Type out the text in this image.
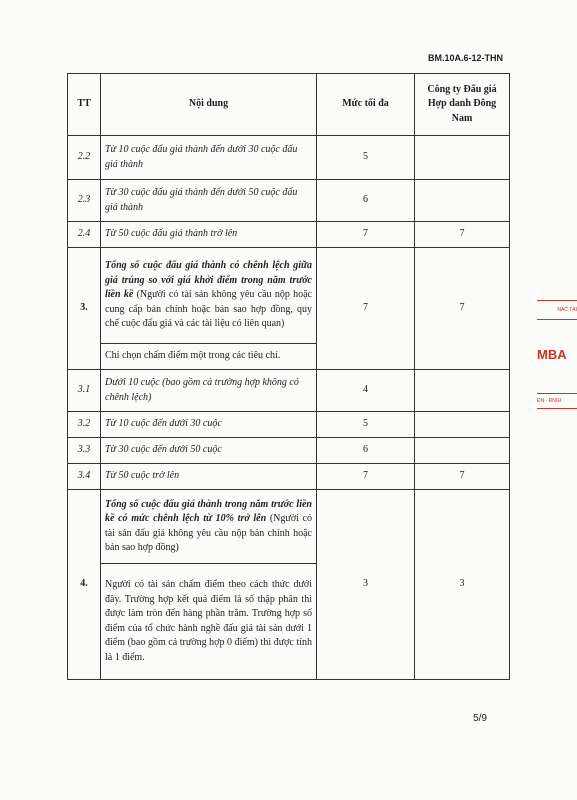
BM.10A.6-12-THN
TT	Nội dung	Mức tối đa	Công ty Đấu giá Hợp danh Đông Nam
2.2	Từ 10 cuộc đấu giá thành đến dưới 30 cuộc đấu giá thành	5	
2.3	Từ 30 cuộc đấu giá thành đến dưới 50 cuộc đấu giá thành	6	
2.4	Từ 50 cuộc đấu giá thành trở lên	7	7
3.	Tổng số cuộc đấu giá thành có chênh lệch giữa giá trúng so với giá khởi điểm trong năm trước liền kề (Người có tài sản không yêu cầu nộp hoặc cung cấp bản chính hoặc bản sao hợp đồng, quy chế cuộc đấu giá và các tài liệu có liên quan)	7	7
	Chỉ chọn chấm điểm một trong các tiêu chí.		
3.1	Dưới 10 cuộc (bao gồm cả trường hợp không có chênh lệch)	4	
3.2	Từ 10 cuộc đến dưới 30 cuộc	5	
3.3	Từ 30 cuộc đến dưới 50 cuộc	6	
3.4	Từ 50 cuộc trở lên	7	7
4.	Tổng số cuộc đấu giá thành trong năm trước liền kề có mức chênh lệch từ 10% trở lên (Người có tài sản đấu giá không yêu cầu nộp bản chính hoặc bản sao hợp đồng)	3	3
	Người có tài sản chấm điểm theo cách thức dưới đây. Trường hợp kết quả điểm là số thập phân thì được làm tròn đến hàng phần trăm. Trường hợp số điểm của tổ chức hành nghề đấu giá tài sản dưới 1 điểm (bao gồm cả trường hợp 0 điểm) thì được tính là 1 điểm.		
5/9
NAC TÀI
MBA
ĐN · ĐNGI
